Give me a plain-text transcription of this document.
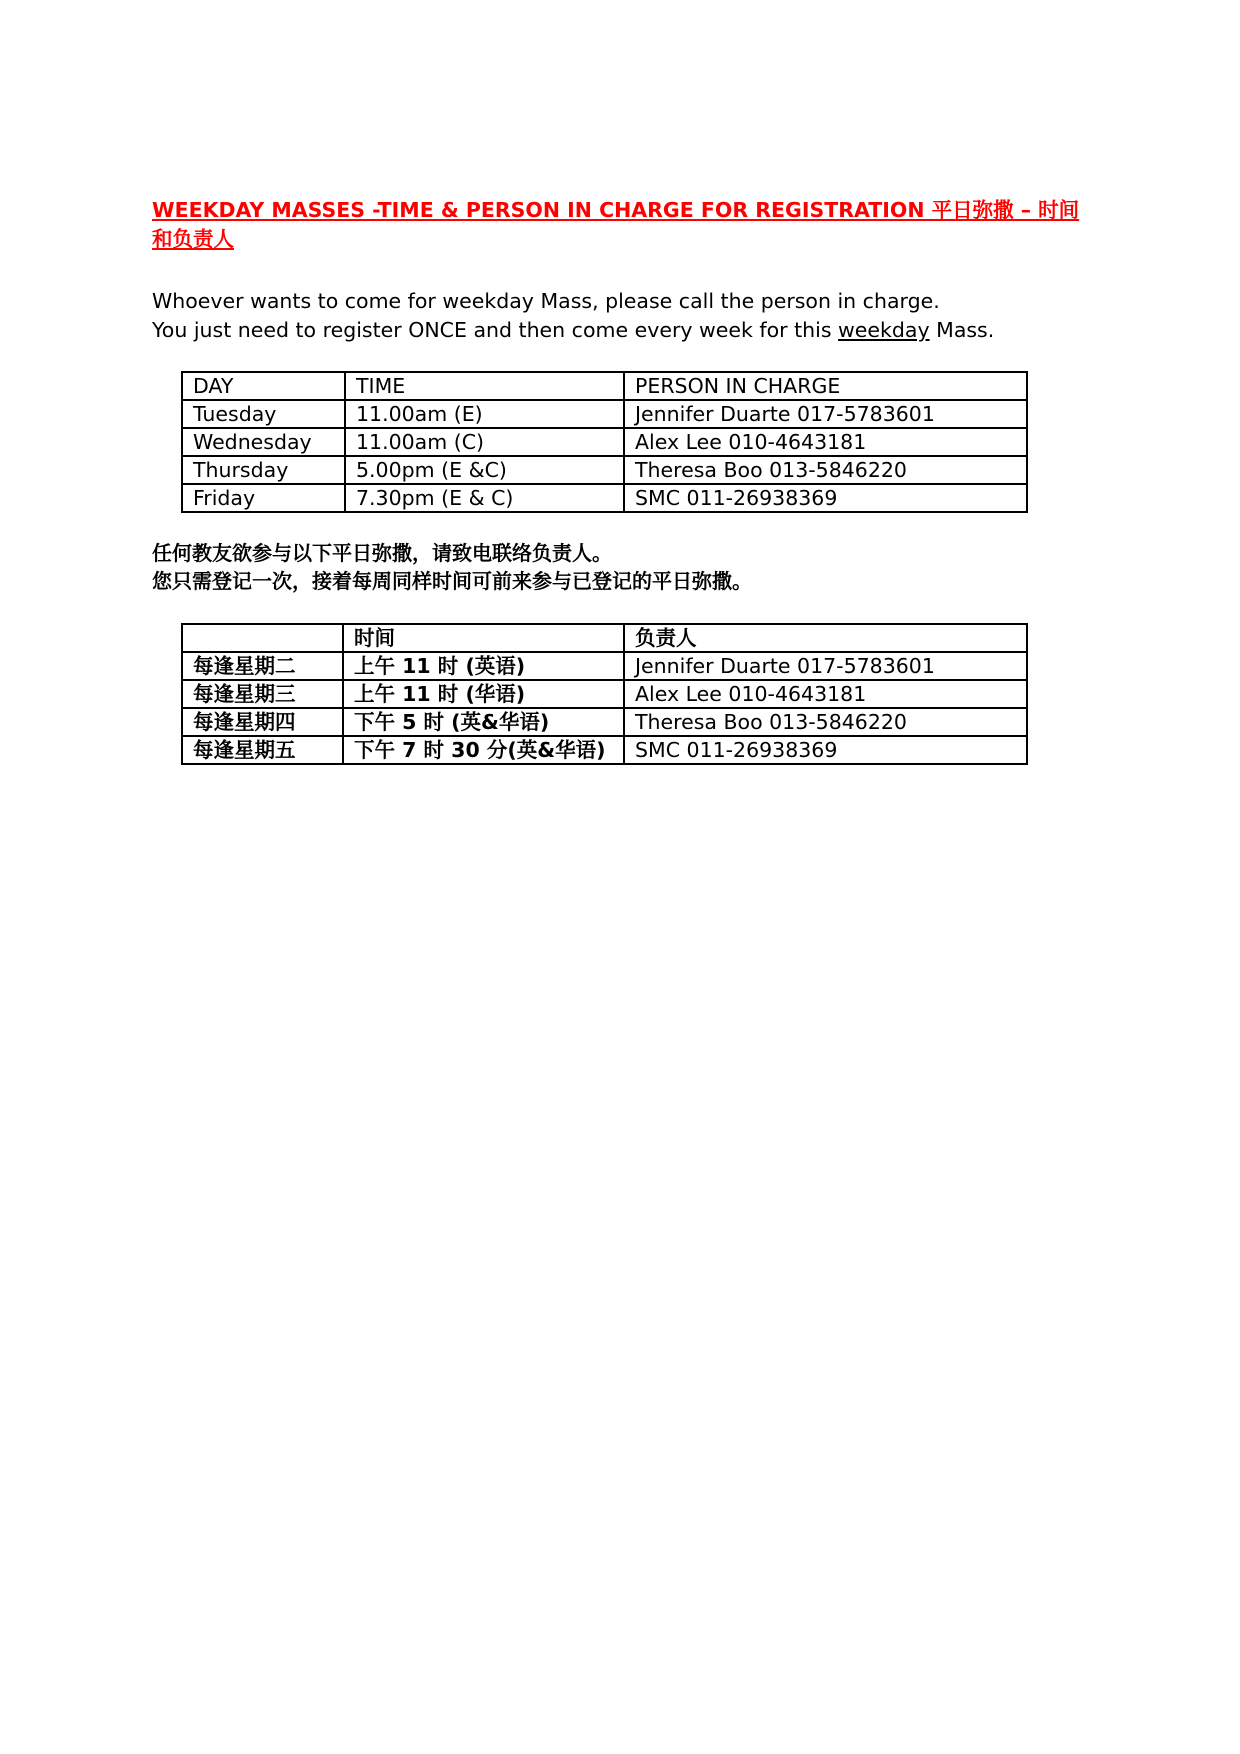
WEEKDAY MASSES -TIME & PERSON IN CHARGE FOR REGISTRATION 平日弥撒 – 时间和负责人

Whoever wants to come for weekday Mass, please call the person in charge.

You just need to register ONCE and then come every week for this weekday Mass.

DAY	TIME	PERSON IN CHARGE
Tuesday	11.00am (E)	Jennifer Duarte 017-5783601
Wednesday	11.00am (C)	Alex Lee 010-4643181
Thursday	5.00pm (E &C)	Theresa Boo 013-5846220
Friday	7.30pm (E & C)	SMC 011-26938369

任何教友欲参与以下平日弥撒，请致电联络负责人。

您只需登记一次，接着每周同样时间可前来参与已登记的平日弥撒。

	时间	负责人
每逢星期二	上午 11 时 (英语)	Jennifer Duarte 017-5783601
每逢星期三	上午 11 时 (华语)	Alex Lee 010-4643181
每逢星期四	下午 5 时 (英&华语)	Theresa Boo 013-5846220
每逢星期五	下午 7 时 30 分(英&华语)	SMC 011-26938369
